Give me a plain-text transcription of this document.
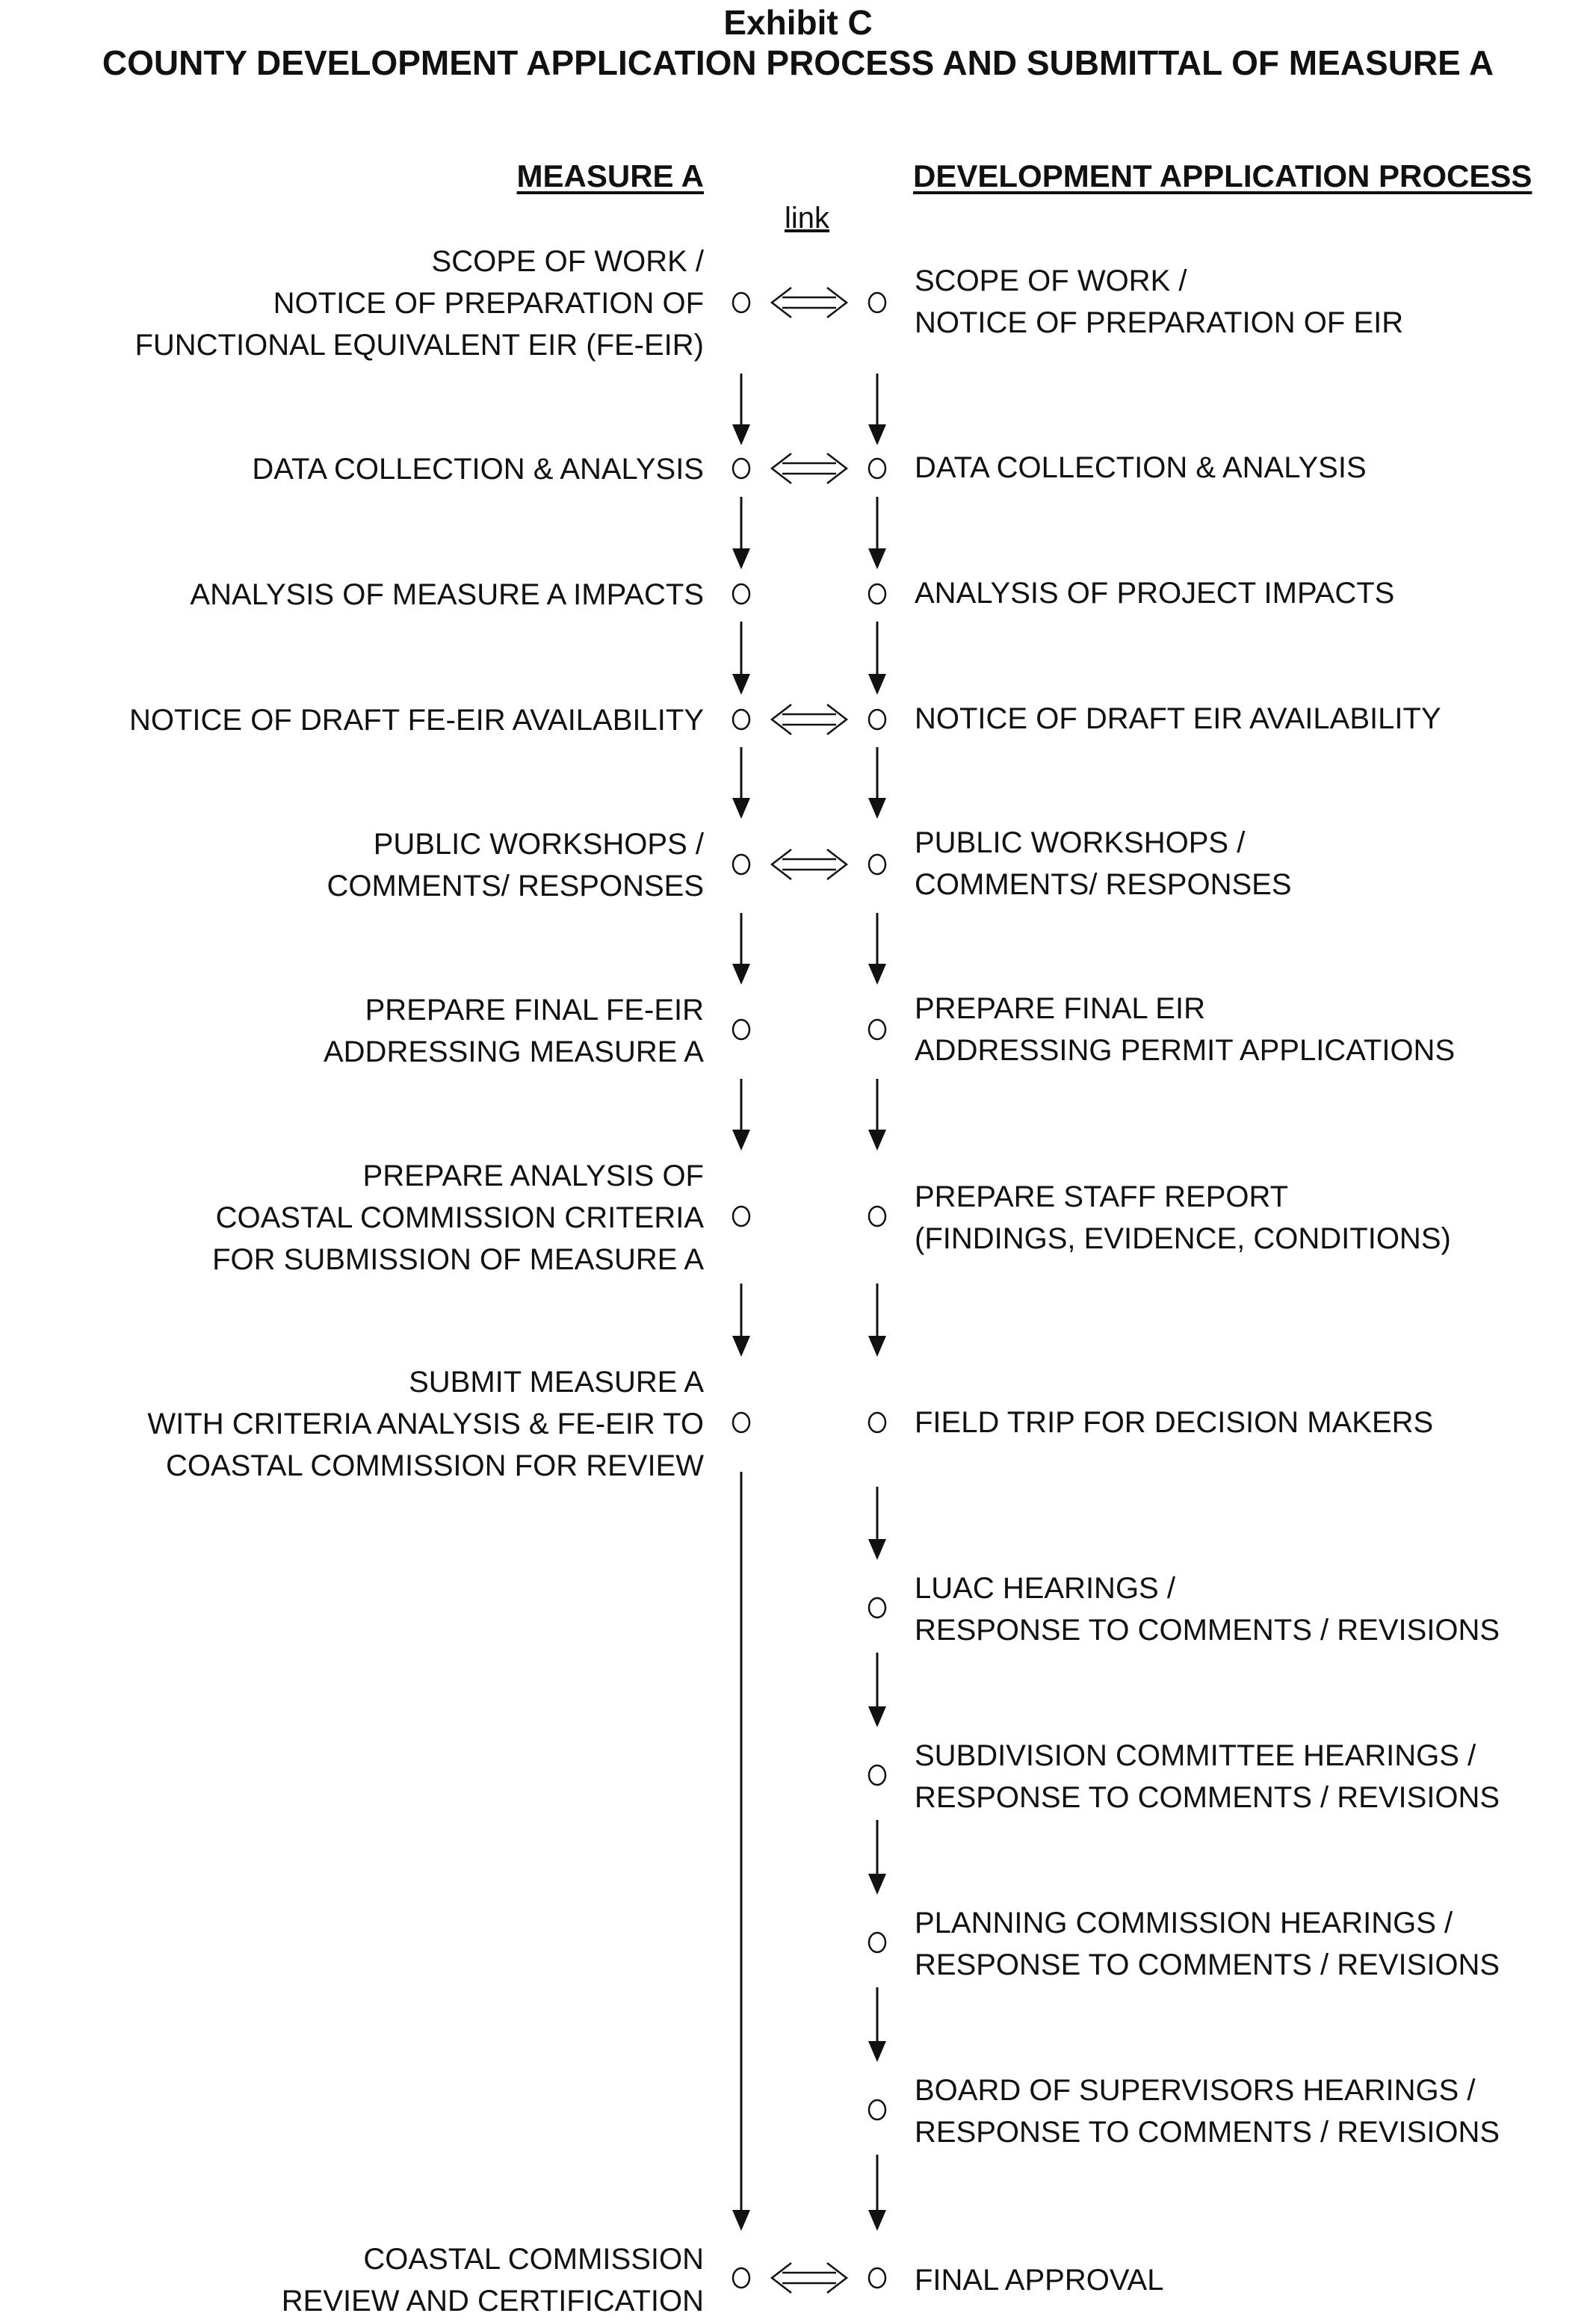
Exhibit C
COUNTY DEVELOPMENT APPLICATION PROCESS AND SUBMITTAL OF MEASURE A
MEASURE A	DEVELOPMENT APPLICATION PROCESS
link
SCOPE OF WORK /
NOTICE OF PREPARATION OF
FUNCTIONAL EQUIVALENT EIR (FE-EIR)
DATA COLLECTION & ANALYSIS
ANALYSIS OF MEASURE A IMPACTS
NOTICE OF DRAFT FE-EIR AVAILABILITY
PUBLIC WORKSHOPS /
COMMENTS/ RESPONSES
PREPARE FINAL FE-EIR
ADDRESSING MEASURE A
PREPARE ANALYSIS OF
COASTAL COMMISSION CRITERIA
FOR SUBMISSION OF MEASURE A
SUBMIT MEASURE A
WITH CRITERIA ANALYSIS & FE-EIR TO
COASTAL COMMISSION FOR REVIEW
COASTAL COMMISSION
REVIEW AND CERTIFICATION
SCOPE OF WORK /
NOTICE OF PREPARATION OF EIR
DATA COLLECTION & ANALYSIS
ANALYSIS OF PROJECT IMPACTS
NOTICE OF DRAFT EIR AVAILABILITY
PUBLIC WORKSHOPS /
COMMENTS/ RESPONSES
PREPARE FINAL EIR
ADDRESSING PERMIT APPLICATIONS
PREPARE STAFF REPORT
(FINDINGS, EVIDENCE, CONDITIONS)
FIELD TRIP FOR DECISION MAKERS
LUAC HEARINGS /
RESPONSE TO COMMENTS / REVISIONS
SUBDIVISION COMMITTEE HEARINGS /
RESPONSE TO COMMENTS / REVISIONS
PLANNING COMMISSION HEARINGS /
RESPONSE TO COMMENTS / REVISIONS
BOARD OF SUPERVISORS HEARINGS /
RESPONSE TO COMMENTS / REVISIONS
FINAL APPROVAL
